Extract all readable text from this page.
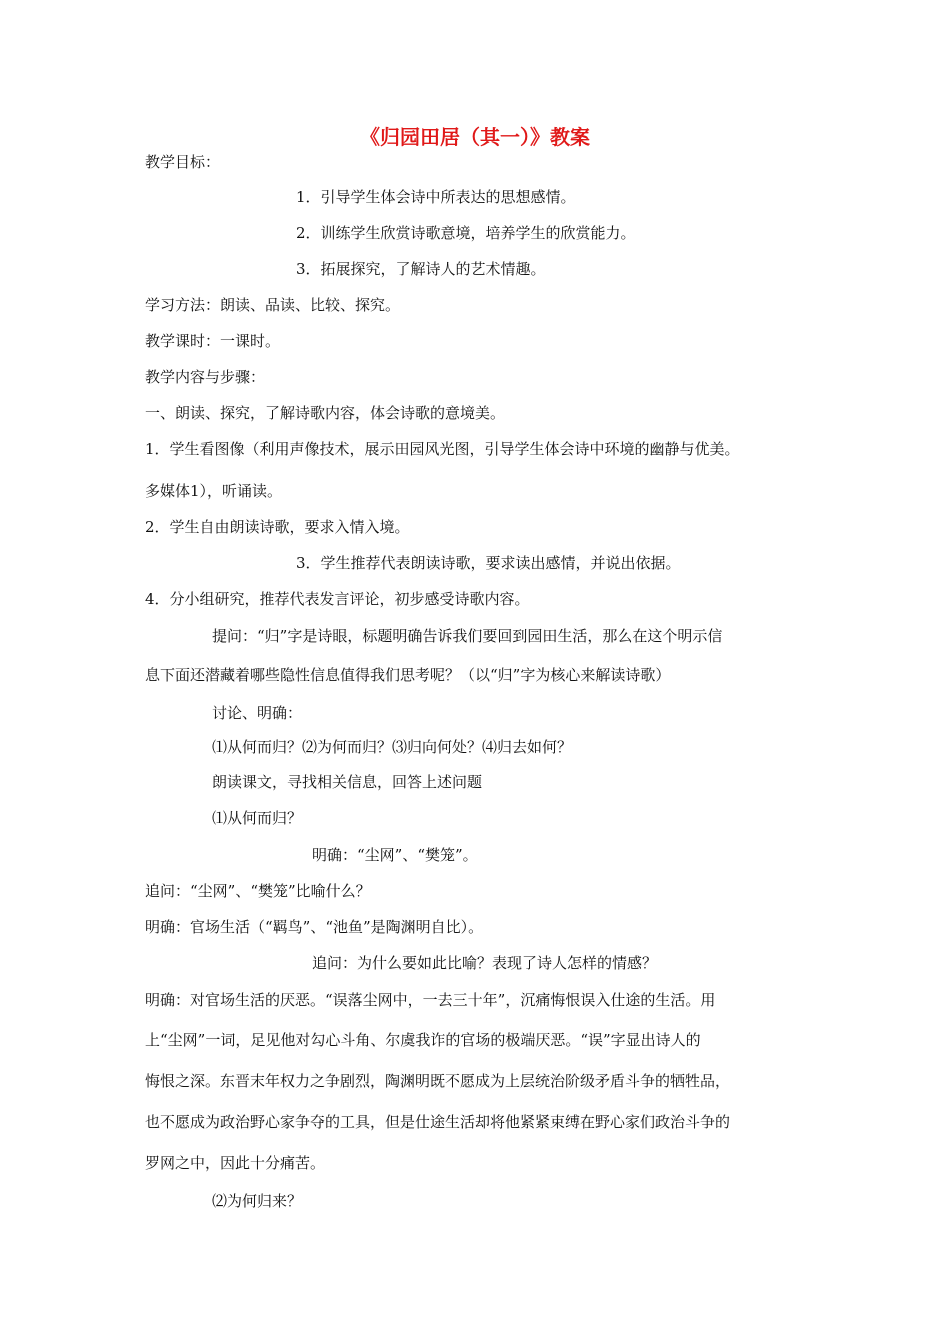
《归园田居（其一）》教案
教学目标：
1．引导学生体会诗中所表达的思想感情。
2．训练学生欣赏诗歌意境，培养学生的欣赏能力。
3．拓展探究，了解诗人的艺术情趣。
学习方法：朗读、品读、比较、探究。
教学课时：一课时。
教学内容与步骤：
一、朗读、探究，了解诗歌内容，体会诗歌的意境美。
1．学生看图像（利用声像技术，展示田园风光图，引导学生体会诗中环境的幽静与优美。
多媒体1），听诵读。
2．学生自由朗读诗歌，要求入情入境。
3．学生推荐代表朗读诗歌，要求读出感情，并说出依据。
4．分小组研究，推荐代表发言评论，初步感受诗歌内容。
提问：“归”字是诗眼，标题明确告诉我们要回到园田生活，那么在这个明示信
息下面还潜藏着哪些隐性信息值得我们思考呢？（以“归”字为核心来解读诗歌）
讨论、明确：
⑴从何而归？⑵为何而归？⑶归向何处？⑷归去如何？
朗读课文，寻找相关信息，回答上述问题
⑴从何而归？
明确：“尘网”、“樊笼”。
追问：“尘网”、“樊笼”比喻什么？
明确：官场生活（“羁鸟”、“池鱼”是陶渊明自比）。
追问：为什么要如此比喻？表现了诗人怎样的情感？
明确：对官场生活的厌恶。“误落尘网中，一去三十年”，沉痛悔恨误入仕途的生活。用
上“尘网”一词，足见他对勾心斗角、尔虞我诈的官场的极端厌恶。“误”字显出诗人的
悔恨之深。东晋末年权力之争剧烈，陶渊明既不愿成为上层统治阶级矛盾斗争的牺牲品，
也不愿成为政治野心家争夺的工具，但是仕途生活却将他紧紧束缚在野心家们政治斗争的
罗网之中，因此十分痛苦。
⑵为何归来？
